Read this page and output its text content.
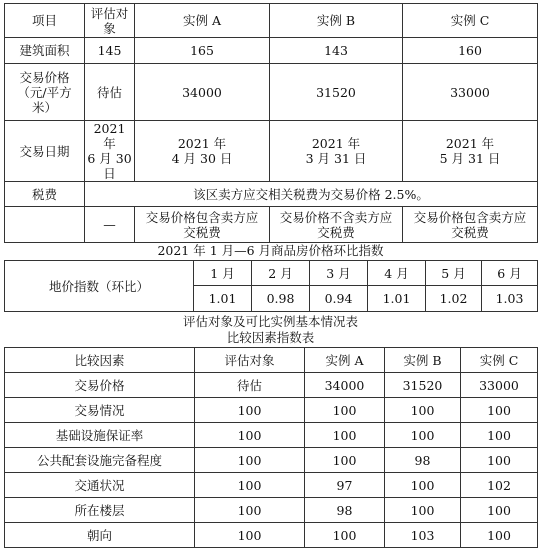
项目	评估对象	实例 A	实例 B	实例 C
建筑面积	145	165	143	160
交易价格
（元/平方
米）	待估	34000	31520	33000
交易日期	2021 年
6 月 30
日	2021 年
4 月 30 日	2021 年
3 月 31 日	2021 年
5 月 31 日
税费	该区卖方应交相关税费为交易价格 2.5%。			
	—	交易价格包含卖方应
交税费	交易价格不含卖方应
交税费	交易价格包含卖方应
交税费
2021 年 1 月—6 月商品房价格环比指数
地价指数（环比）	1 月	2 月	3 月	4 月	5 月	6 月
	1.01	0.98	0.94	1.01	1.02	1.03
评估对象及可比实例基本情况表
比较因素指数表
比较因素	评估对象	实例 A	实例 B	实例 C
交易价格	待估	34000	31520	33000
交易情况	100	100	100	100
基础设施保证率	100	100	100	100
公共配套设施完备程度	100	100	98	100
交通状况	100	97	100	102
所在楼层	100	98	100	100
朝向	100	100	103	100
